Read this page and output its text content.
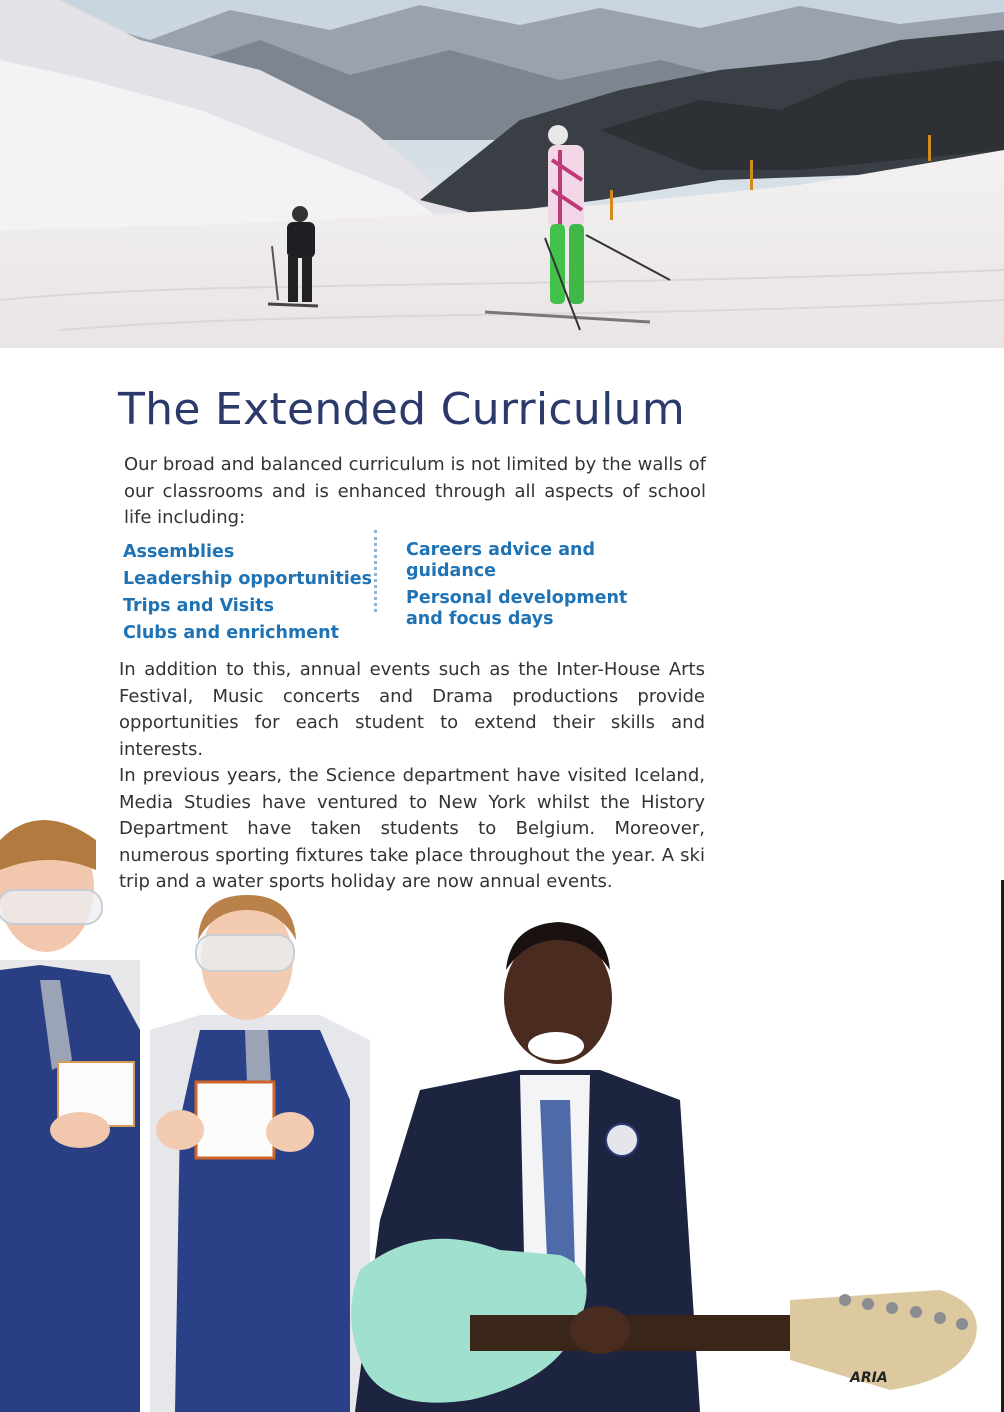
The Extended Curriculum

Our broad and balanced curriculum is not limited by the walls of our classrooms and is enhanced through all aspects of school life including:

Assemblies
Leadership opportunities
Trips and Visits
Clubs and enrichment
Careers advice and guidance
Personal development and focus days

In addition to this, annual events such as the Inter-House Arts Festival, Music concerts and Drama productions provide opportunities for each student to extend their skills and interests.

In previous years, the Science department have visited Iceland, Media Studies have ventured to New York whilst the History Department have taken students to Belgium. Moreover, numerous sporting fixtures take place throughout the year. A ski trip and a water sports holiday are now annual events.

ARIA
